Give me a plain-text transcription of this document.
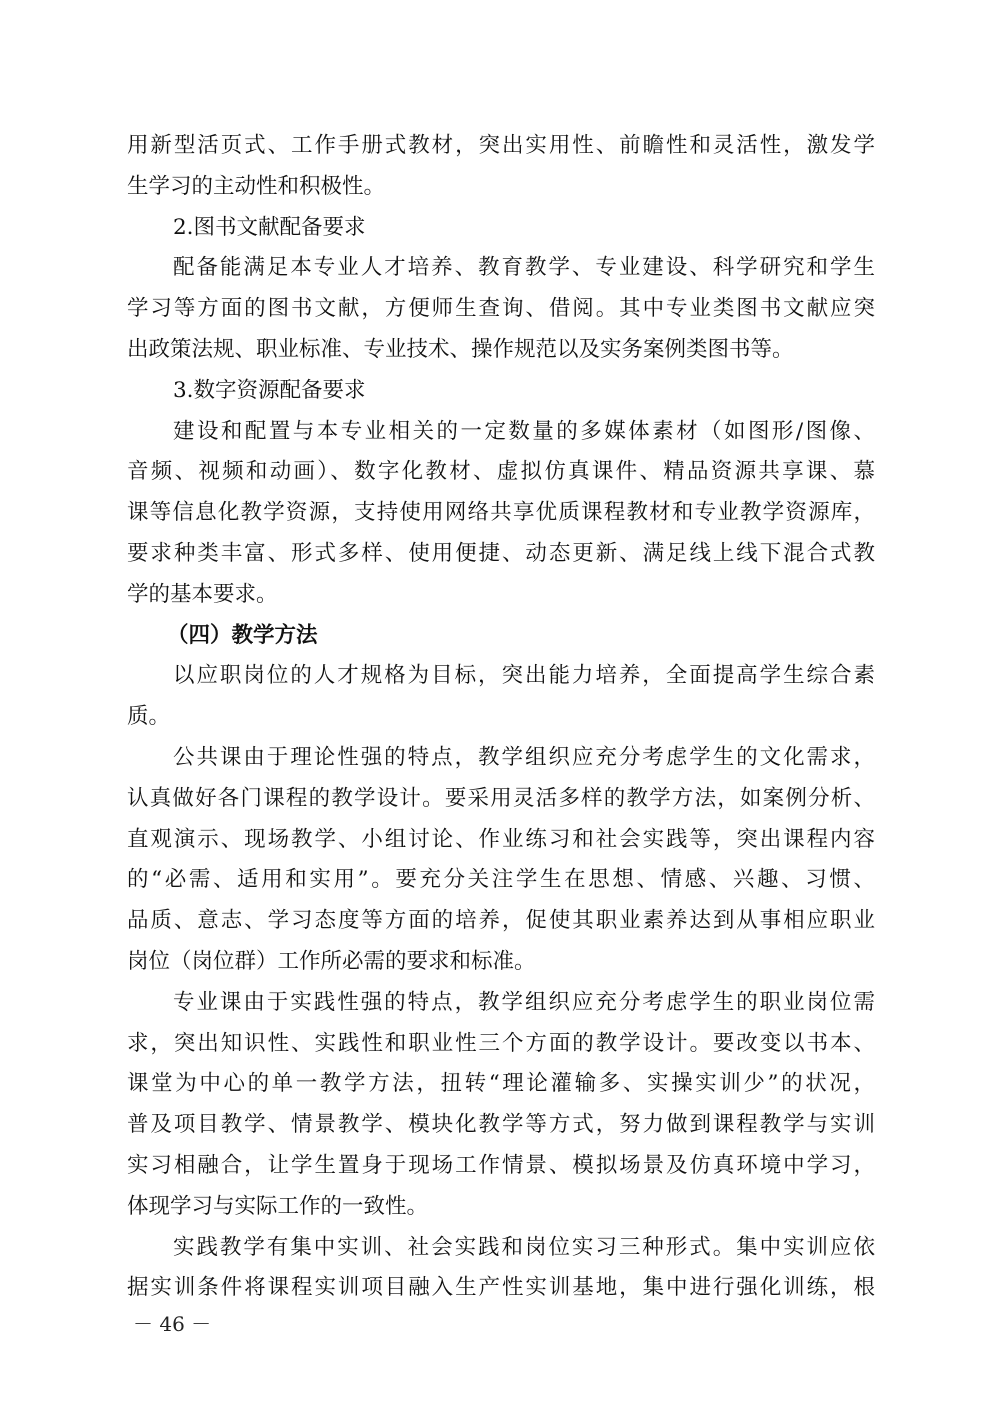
用新型活页式、工作手册式教材，突出实用性、前瞻性和灵活性，激发学
生学习的主动性和积极性。
2.图书文献配备要求
配备能满足本专业人才培养、教育教学、专业建设、科学研究和学生
学习等方面的图书文献，方便师生查询、借阅。其中专业类图书文献应突
出政策法规、职业标准、专业技术、操作规范以及实务案例类图书等。
3.数字资源配备要求
建设和配置与本专业相关的一定数量的多媒体素材（如图形/图像、
音频、视频和动画）、数字化教材、虚拟仿真课件、精品资源共享课、慕
课等信息化教学资源，支持使用网络共享优质课程教材和专业教学资源库，
要求种类丰富、形式多样、使用便捷、动态更新、满足线上线下混合式教
学的基本要求。
（四）教学方法
以应职岗位的人才规格为目标，突出能力培养，全面提高学生综合素
质。
公共课由于理论性强的特点，教学组织应充分考虑学生的文化需求，
认真做好各门课程的教学设计。要采用灵活多样的教学方法，如案例分析、
直观演示、现场教学、小组讨论、作业练习和社会实践等，突出课程内容
的“必需、适用和实用”。要充分关注学生在思想、情感、兴趣、习惯、
品质、意志、学习态度等方面的培养，促使其职业素养达到从事相应职业
岗位（岗位群）工作所必需的要求和标准。
专业课由于实践性强的特点，教学组织应充分考虑学生的职业岗位需
求，突出知识性、实践性和职业性三个方面的教学设计。要改变以书本、
课堂为中心的单一教学方法，扭转“理论灌输多、实操实训少”的状况，
普及项目教学、情景教学、模块化教学等方式，努力做到课程教学与实训
实习相融合，让学生置身于现场工作情景、模拟场景及仿真环境中学习，
体现学习与实际工作的一致性。
实践教学有集中实训、社会实践和岗位实习三种形式。集中实训应依
据实训条件将课程实训项目融入生产性实训基地，集中进行强化训练，根
－ 46 －
